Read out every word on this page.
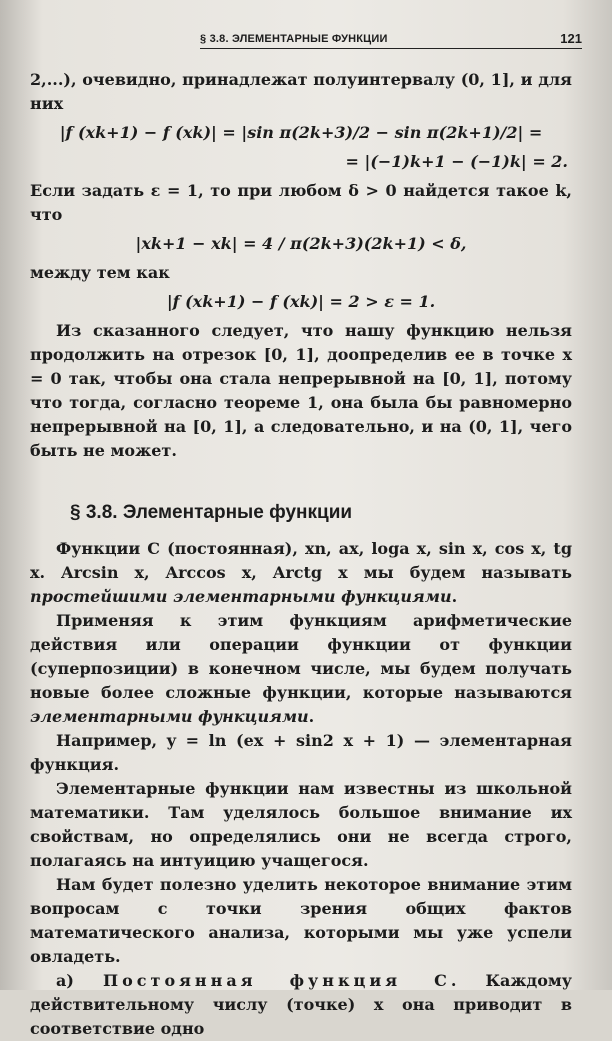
§ 3.8. ЭЛЕМЕНТАРНЫЕ ФУНКЦИИ	121

2,...), очевидно, принадлежат полуинтервалу (0, 1], и для них

|f (xk+1) − f (xk)| = |sin π(2k+3)/2 − sin π(2k+1)/2| =
= |(−1)k+1 − (−1)k| = 2.

Если задать ε = 1, то при любом δ > 0 найдется такое k, что

|xk+1 − xk| = 4 / π(2k+3)(2k+1) < δ,

между тем как

|f (xk+1) − f (xk)| = 2 > ε = 1.

Из сказанного следует, что нашу функцию нельзя продолжить на отрезок [0, 1], доопределив ее в точке x = 0 так, чтобы она стала непрерывной на [0, 1], потому что тогда, согласно теореме 1, она была бы равномерно непрерывной на [0, 1], а следовательно, и на (0, 1], чего быть не может.

§ 3.8. Элементарные функции

Функции C (постоянная), xn, ax, loga x, sin x, cos x, tg x. Arcsin x, Arccos x, Arctg x мы будем называть простейшими элементарными функциями.

Применяя к этим функциям арифметические действия или операции функции от функции (суперпозиции) в конечном числе, мы будем получать новые более сложные функции, которые называются элементарными функциями.

Например, y = ln (ex + sin2 x + 1) — элементарная функция.

Элементарные функции нам известны из школьной математики. Там уделялось большое внимание их свойствам, но определялись они не всегда строго, полагаясь на интуицию учащегося.

Нам будет полезно уделить некоторое внимание этим вопросам с точки зрения общих фактов математического анализа, которыми мы уже успели овладеть.

а) Постоянная функция C. Каждому действительному числу (точке) x она приводит в соответствие одно
